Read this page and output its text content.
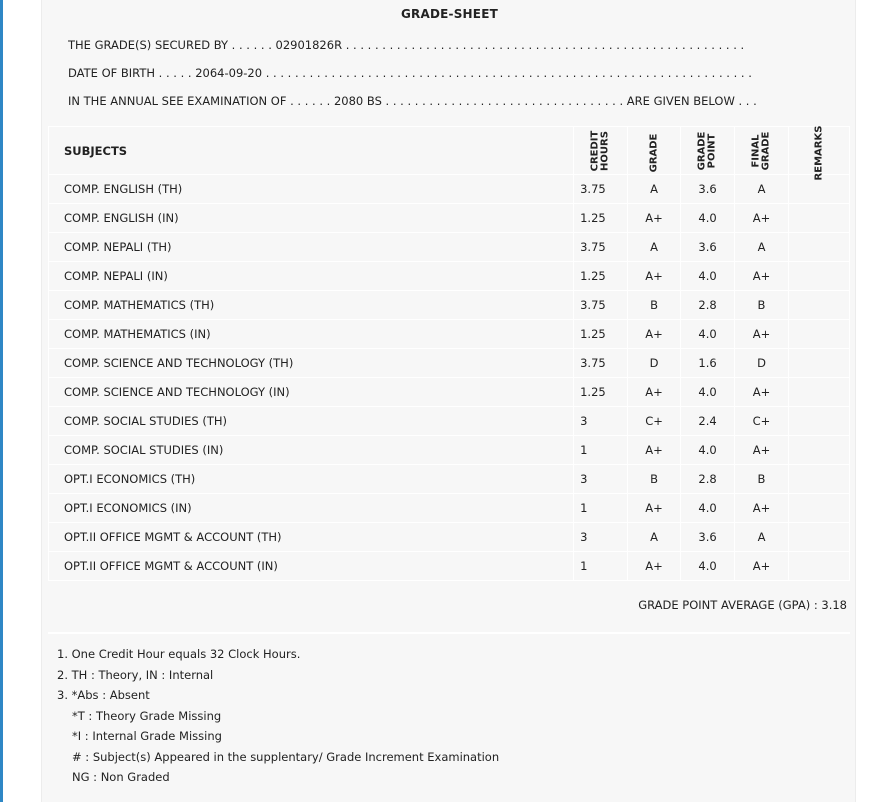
GRADE-SHEET
THE GRADE(S) SECURED BY . . . . . . 02901826R . . . . . . . . . . . . . . . . . . . . . . . . . . . . . . . . . . . . . . . . . . . . . . . . . . . . . . .
DATE OF BIRTH . . . . . 2064-09-20 . . . . . . . . . . . . . . . . . . . . . . . . . . . . . . . . . . . . . . . . . . . . . . . . . . . . . . . . . . . . . . . . . . .
IN THE ANNUAL SEE EXAMINATION OF . . . . . . 2080 BS . . . . . . . . . . . . . . . . . . . . . . . . . . . . . . . . . ARE GIVEN BELOW . . .
SUBJECTS	CREDIT HOURS	GRADE	GRADE POINT	FINAL GRADE	REMARKS

COMP. ENGLISH (TH)	3.75	A	3.6	A	
COMP. ENGLISH (IN)	1.25	A+	4.0	A+	
COMP. NEPALI (TH)	3.75	A	3.6	A	
COMP. NEPALI (IN)	1.25	A+	4.0	A+	
COMP. MATHEMATICS (TH)	3.75	B	2.8	B	
COMP. MATHEMATICS (IN)	1.25	A+	4.0	A+	
COMP. SCIENCE AND TECHNOLOGY (TH)	3.75	D	1.6	D	
COMP. SCIENCE AND TECHNOLOGY (IN)	1.25	A+	4.0	A+	
COMP. SOCIAL STUDIES (TH)	3	C+	2.4	C+	
COMP. SOCIAL STUDIES (IN)	1	A+	4.0	A+	
OPT.I ECONOMICS (TH)	3	B	2.8	B	
OPT.I ECONOMICS (IN)	1	A+	4.0	A+	
OPT.II OFFICE MGMT & ACCOUNT (TH)	3	A	3.6	A	
OPT.II OFFICE MGMT & ACCOUNT (IN)	1	A+	4.0	A+	
GRADE POINT AVERAGE (GPA) : 3.18
1. One Credit Hour equals 32 Clock Hours.
2. TH : Theory, IN : Internal
3. *Abs : Absent
*T : Theory Grade Missing
*I : Internal Grade Missing
# : Subject(s) Appeared in the supplentary/ Grade Increment Examination
NG : Non Graded
